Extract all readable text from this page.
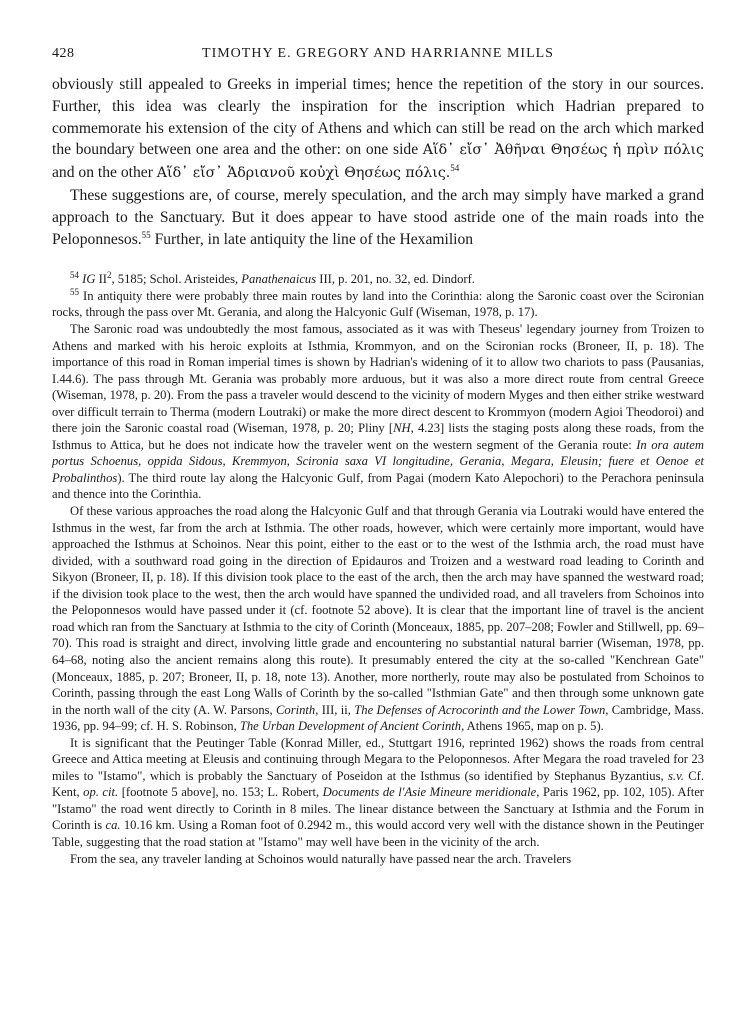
428	TIMOTHY E. GREGORY AND HARRIANNE MILLS

obviously still appealed to Greeks in imperial times; hence the repetition of the story in our sources. Further, this idea was clearly the inspiration for the inscription which Hadrian prepared to commemorate his extension of the city of Athens and which can still be read on the arch which marked the boundary between one area and the other: on one side Αἵδ᾽ εἴσ᾽ Ἀθῆναι Θησέως ἡ πρὶν πόλις and on the other Αἵδ᾽ εἴσ᾽ Ἁδριανοῦ κοὐχὶ Θησέως πόλις.$^{54}$

These suggestions are, of course, merely speculation, and the arch may simply have marked a grand approach to the Sanctuary. But it does appear to have stood astride one of the main roads into the Peloponnesos.$^{55}$ Further, in late antiquity the line of the Hexamilion

$^{54}$ IG $II^2$, 5185; Schol. Aristeides, Panathenaicus III, p. 201, no. 32, ed. Dindorf.

$^{55}$ In antiquity there were probably three main routes by land into the Corinthia: along the Saronic coast over the Scironian rocks, through the pass over Mt. Gerania, and along the Halcyonic Gulf (Wiseman, 1978, p. 17).

The Saronic road was undoubtedly the most famous, associated as it was with Theseus' legendary journey from Troizen to Athens and marked with his heroic exploits at Isthmia, Krommyon, and on the Scironian rocks (Broneer, II, p. 18). The importance of this road in Roman imperial times is shown by Hadrian's widening of it to allow two chariots to pass (Pausanias, I.44.6). The pass through Mt. Gerania was probably more arduous, but it was also a more direct route from central Greece (Wiseman, 1978, p. 20). From the pass a traveler would descend to the vicinity of modern Myges and then either strike westward over difficult terrain to Therma (modern Loutraki) or make the more direct descent to Krommyon (modern Agioi Theodoroi) and there join the Saronic coastal road (Wiseman, 1978, p. 20; Pliny [NH, 4.23] lists the staging posts along these roads, from the Isthmus to Attica, but he does not indicate how the traveler went on the western segment of the Gerania route: In ora autem portus Schoenus, oppida Sidous, Kremmyon, Scironia saxa VI longitudine, Gerania, Megara, Eleusin; fuere et Oenoe et Probalinthos). The third route lay along the Halcyonic Gulf, from Pagai (modern Kato Alepochori) to the Perachora peninsula and thence into the Corinthia.

Of these various approaches the road along the Halcyonic Gulf and that through Gerania via Loutraki would have entered the Isthmus in the west, far from the arch at Isthmia. The other roads, however, which were certainly more important, would have approached the Isthmus at Schoinos. Near this point, either to the east or to the west of the Isthmia arch, the road must have divided, with a southward road going in the direction of Epidauros and Troizen and a westward road leading to Corinth and Sikyon (Broneer, II, p. 18). If this division took place to the east of the arch, then the arch may have spanned the westward road; if the division took place to the west, then the arch would have spanned the undivided road, and all travelers from Schoinos into the Peloponnesos would have passed under it (cf. footnote 52 above). It is clear that the important line of travel is the ancient road which ran from the Sanctuary at Isthmia to the city of Corinth (Monceaux, 1885, pp. 207–208; Fowler and Stillwell, pp. 69–70). This road is straight and direct, involving little grade and encountering no substantial natural barrier (Wiseman, 1978, pp. 64–68, noting also the ancient remains along this route). It presumably entered the city at the so-called "Kenchrean Gate" (Monceaux, 1885, p. 207; Broneer, II, p. 18, note 13). Another, more northerly, route may also be postulated from Schoinos to Corinth, passing through the east Long Walls of Corinth by the so-called "Isthmian Gate" and then through some unknown gate in the north wall of the city (A. W. Parsons, Corinth, III, ii, The Defenses of Acrocorinth and the Lower Town, Cambridge, Mass. 1936, pp. 94–99; cf. H. S. Robinson, The Urban Development of Ancient Corinth, Athens 1965, map on p. 5).

It is significant that the Peutinger Table (Konrad Miller, ed., Stuttgart 1916, reprinted 1962) shows the roads from central Greece and Attica meeting at Eleusis and continuing through Megara to the Peloponnesos. After Megara the road traveled for 23 miles to "Istamo", which is probably the Sanctuary of Poseidon at the Isthmus (so identified by Stephanus Byzantius, s.v. Cf. Kent, op. cit. [footnote 5 above], no. 153; L. Robert, Documents de l'Asie Mineure meridionale, Paris 1962, pp. 102, 105). After "Istamo" the road went directly to Corinth in 8 miles. The linear distance between the Sanctuary at Isthmia and the Forum in Corinth is ca. 10.16 km. Using a Roman foot of 0.2942 m., this would accord very well with the distance shown in the Peutinger Table, suggesting that the road station at "Istamo" may well have been in the vicinity of the arch.

From the sea, any traveler landing at Schoinos would naturally have passed near the arch. Travelers
